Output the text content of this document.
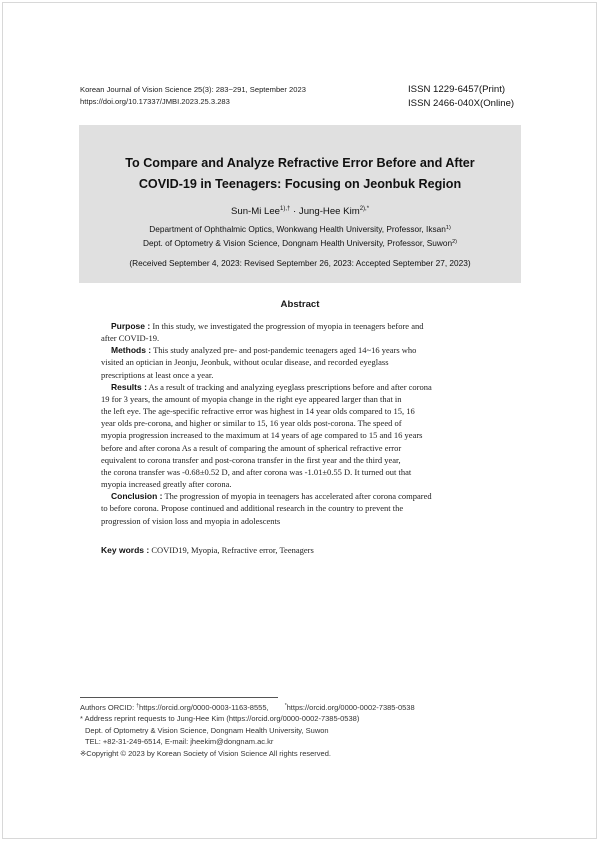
Korean Journal of Vision Science 25(3): 283~291, September 2023
https://doi.org/10.17337/JMBI.2023.25.3.283
ISSN 1229-6457(Print)
ISSN 2466-040X(Online)
To Compare and Analyze Refractive Error Before and After
COVID-19 in Teenagers: Focusing on Jeonbuk Region
Sun-Mi Lee$^{1),\dagger}$ · Jung-Hee Kim$^{2),*}$
Department of Ophthalmic Optics, Wonkwang Health University, Professor, Iksan$^{1)}$
Dept. of Optometry & Vision Science, Dongnam Health University, Professor, Suwon$^{2)}$
(Received September 4, 2023: Revised September 26, 2023: Accepted September 27, 2023)
Abstract

Purpose : In this study, we investigated the progression of myopia in teenagers before and

after COVID-19.

Methods : This study analyzed pre- and post-pandemic teenagers aged 14~16 years who

visited an optician in Jeonju, Jeonbuk, without ocular disease, and recorded eyeglass

prescriptions at least once a year.

Results : As a result of tracking and analyzing eyeglass prescriptions before and after corona

19 for 3 years, the amount of myopia change in the right eye appeared larger than that in

the left eye. The age-specific refractive error was highest in 14 year olds compared to 15, 16

year olds pre-corona, and higher or similar to 15, 16 year olds post-corona. The speed of

myopia progression increased to the maximum at 14 years of age compared to 15 and 16 years

before and after corona As a result of comparing the amount of spherical refractive error

equivalent to corona transfer and post-corona transfer in the first year and the third year,

the corona transfer was -0.68±0.52 D, and after corona was -1.01±0.55 D. It turned out that

myopia increased greatly after corona.

Conclusion : The progression of myopia in teenagers has accelerated after corona compared

to before corona. Propose continued and additional research in the country to prevent the

progression of vision loss and myopia in adolescents

Key words : COVID19, Myopia, Refractive error, Teenagers
Authors ORCID: †https://orcid.org/0000-0003-1163-8555,	*https://orcid.org/0000-0002-7385-0538
* Address reprint requests to Jung-Hee Kim (https://orcid.org/0000-0002-7385-0538)
Dept. of Optometry & Vision Science, Dongnam Health University, Suwon
TEL: +82-31-249-6514, E-mail: jheekim@dongnam.ac.kr
※Copyright © 2023 by Korean Society of Vision Science All rights reserved.
